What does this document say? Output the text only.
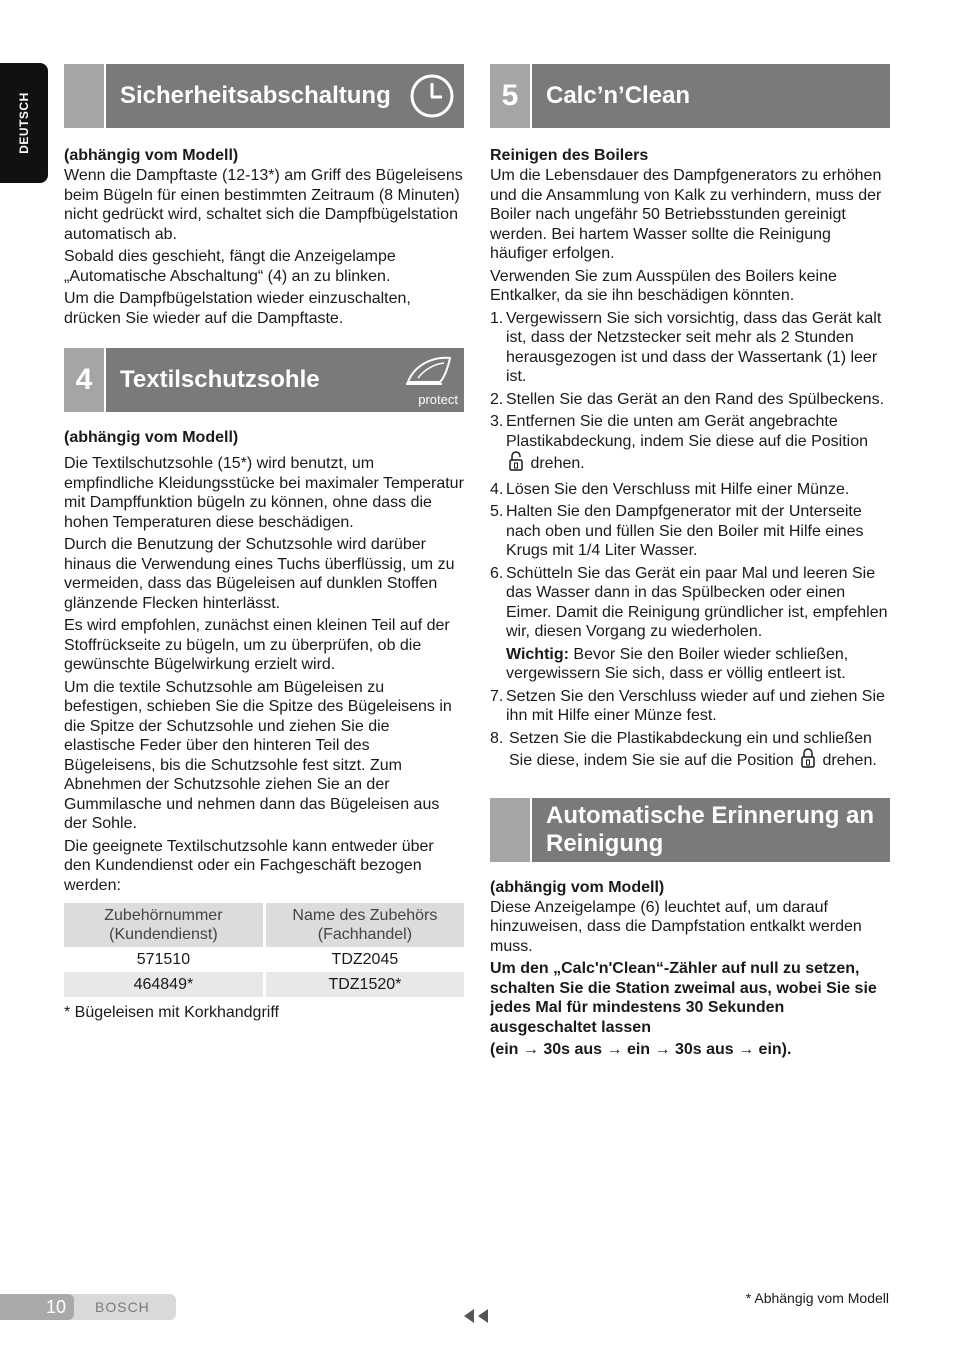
DEUTSCH	Sicherheitsabschaltung

(abhängig vom Modell)

Wenn die Dampftaste (12-13*) am Griff des Bügeleisens beim Bügeln für einen bestimmten Zeitraum (8 Minuten) nicht gedrückt wird, schaltet sich die Dampfbügelstation automatisch ab.

Sobald dies geschieht, fängt die Anzeigelampe „Automatische Abschaltung“ (4) an zu blinken.

Um die Dampfbügelstation wieder einzuschalten, drücken Sie wieder auf die Dampftaste.

4	Textilschutzsohle
protect

(abhängig vom Modell)

Die Textilschutzsohle (15*) wird benutzt, um empfindliche Kleidungsstücke bei maximaler Temperatur mit Dampffunktion bügeln zu können, ohne dass die hohen Temperaturen diese beschädigen.

Durch die Benutzung der Schutzsohle wird darüber hinaus die Verwendung eines Tuchs überflüssig, um zu vermeiden, dass das Bügeleisen auf dunklen Stoffen glänzende Flecken hinterlässt.

Es wird empfohlen, zunächst einen kleinen Teil auf der Stoffrückseite zu bügeln, um zu überprüfen, ob die gewünschte Bügelwirkung erzielt wird.

Um die textile Schutzsohle am Bügeleisen zu befestigen, schieben Sie die Spitze des Bügeleisens in die Spitze der Schutzsohle und ziehen Sie die elastische Feder über den hinteren Teil des Bügeleisens, bis die Schutzsohle fest sitzt. Zum Abnehmen der Schutzsohle ziehen Sie an der Gummilasche und nehmen dann das Bügeleisen aus der Sohle.

Die geeignete Textilschutzsohle kann entweder über den Kundendienst oder ein Fachgeschäft bezogen werden:

Zubehörnummer (Kundendienst)	Name des Zubehörs (Fachhandel)
571510	TDZ2045
464849*	TDZ1520*

* Bügeleisen mit Korkhandgriff

5	Calc’n’Clean

Reinigen des Boilers

Um die Lebensdauer des Dampfgenerators zu erhöhen und die Ansammlung von Kalk zu verhindern, muss der Boiler nach ungefähr 50 Betriebsstunden gereinigt werden. Bei hartem Wasser sollte die Reinigung häufiger erfolgen.

Verwenden Sie zum Ausspülen des Boilers keine Entkalker, da sie ihn beschädigen könnten.

1. Vergewissern Sie sich vorsichtig, dass das Gerät kalt ist, dass der Netzstecker seit mehr als 2 Stunden herausgezogen ist und dass der Wassertank (1) leer ist.
2. Stellen Sie das Gerät an den Rand des Spülbeckens.
3. Entfernen Sie die unten am Gerät angebrachte Plastikabdeckung, indem Sie diese auf die Position  drehen.
4. Lösen Sie den Verschluss mit Hilfe einer Münze.
5. Halten Sie den Dampfgenerator mit der Unterseite nach oben und füllen Sie den Boiler mit Hilfe eines Krugs mit 1/4 Liter Wasser.
6. Schütteln Sie das Gerät ein paar Mal und leeren Sie das Wasser dann in das Spülbecken oder einen Eimer. Damit die Reinigung gründlicher ist, empfehlen wir, diesen Vorgang zu wiederholen.
Wichtig: Bevor Sie den Boiler wieder schließen, vergewissern Sie sich, dass er völlig entleert ist.
7. Setzen Sie den Verschluss wieder auf und ziehen Sie ihn mit Hilfe einer Münze fest.
8. Setzen Sie die Plastikabdeckung ein und schließen Sie diese, indem Sie sie auf die Position drehen.
Automatische Erinnerung an Reinigung

(abhängig vom Modell)

Diese Anzeigelampe (6) leuchtet auf, um darauf hinzuweisen, dass die Dampfstation entkalkt werden muss.

Um den „Calc'n'Clean“-Zähler auf null zu setzen, schalten Sie die Station zweimal aus, wobei Sie sie jedes Mal für mindestens 30 Sekunden ausgeschaltet lassen

(ein → 30s aus → ein → 30s aus → ein).

10	BOSCH
* Abhängig vom Modell
